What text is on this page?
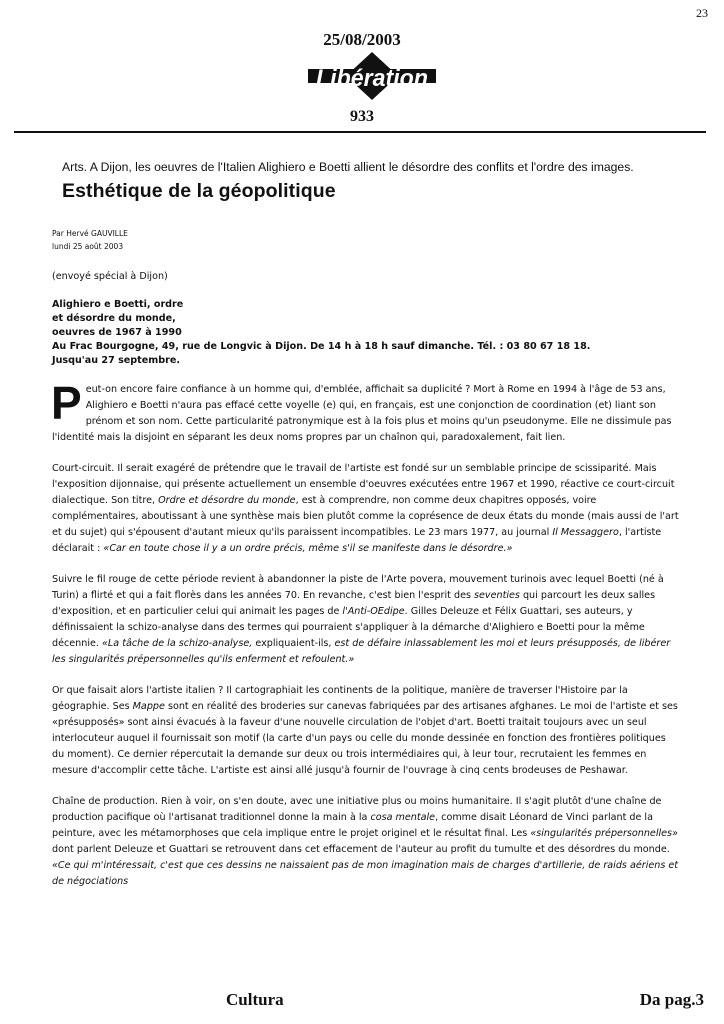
23
25/08/2003
Libération
933
Arts. A Dijon, les oeuvres de l'Italien Alighiero e Boetti allient le désordre des conflits et l'ordre des images.
Esthétique de la géopolitique
Par Hervé GAUVILLE
lundi 25 août 2003
(envoyé spécial à Dijon)
Alighiero e Boetti, ordre
et désordre du monde,
oeuvres de 1967 à 1990
Au Frac Bourgogne, 49, rue de Longvic à Dijon. De 14 h à 18 h sauf dimanche. Tél. : 03 80 67 18 18.
Jusqu'au 27 septembre.
Peut-on encore faire confiance à un homme qui, d'emblée, affichait sa duplicité ? Mort à Rome en 1994 à l'âge de 53 ans, Alighiero e Boetti n'aura pas effacé cette voyelle (e) qui, en français, est une conjonction de coordination (et) liant son prénom et son nom. Cette particularité patronymique est à la fois plus et moins qu'un pseudonyme. Elle ne dissimule pas l'identité mais la disjoint en séparant les deux noms propres par un chaînon qui, paradoxalement, fait lien.
Court-circuit. Il serait exagéré de prétendre que le travail de l'artiste est fondé sur un semblable principe de scissiparité. Mais l'exposition dijonnaise, qui présente actuellement un ensemble d'oeuvres exécutées entre 1967 et 1990, réactive ce court-circuit dialectique. Son titre, Ordre et désordre du monde, est à comprendre, non comme deux chapitres opposés, voire complémentaires, aboutissant à une synthèse mais bien plutôt comme la coprésence de deux états du monde (mais aussi de l'art et du sujet) qui s'épousent d'autant mieux qu'ils paraissent incompatibles. Le 23 mars 1977, au journal Il Messaggero, l'artiste déclarait : «Car en toute chose il y a un ordre précis, même s'il se manifeste dans le désordre.»
Suivre le fil rouge de cette période revient à abandonner la piste de l'Arte povera, mouvement turinois avec lequel Boetti (né à Turin) a flirté et qui a fait florès dans les années 70. En revanche, c'est bien l'esprit des seventies qui parcourt les deux salles d'exposition, et en particulier celui qui animait les pages de l'Anti-OEdipe. Gilles Deleuze et Félix Guattari, ses auteurs, y définissaient la schizo-analyse dans des termes qui pourraient s'appliquer à la démarche d'Alighiero e Boetti pour la même décennie. «La tâche de la schizo-analyse, expliquaient-ils, est de défaire inlassablement les moi et leurs présupposés, de libérer les singularités prépersonnelles qu'ils enferment et refoulent.»
Or que faisait alors l'artiste italien ? Il cartographiait les continents de la politique, manière de traverser l'Histoire par la géographie. Ses Mappe sont en réalité des broderies sur canevas fabriquées par des artisanes afghanes. Le moi de l'artiste et ses «présupposés» sont ainsi évacués à la faveur d'une nouvelle circulation de l'objet d'art. Boetti traitait toujours avec un seul interlocuteur auquel il fournissait son motif (la carte d'un pays ou celle du monde dessinée en fonction des frontières politiques du moment). Ce dernier répercutait la demande sur deux ou trois intermédiaires qui, à leur tour, recrutaient les femmes en mesure d'accomplir cette tâche. L'artiste est ainsi allé jusqu'à fournir de l'ouvrage à cinq cents brodeuses de Peshawar.
Chaîne de production. Rien à voir, on s'en doute, avec une initiative plus ou moins humanitaire. Il s'agit plutôt d'une chaîne de production pacifique où l'artisanat traditionnel donne la main à la cosa mentale, comme disait Léonard de Vinci parlant de la peinture, avec les métamorphoses que cela implique entre le projet originel et le résultat final. Les «singularités prépersonnelles» dont parlent Deleuze et Guattari se retrouvent dans cet effacement de l'auteur au profit du tumulte et des désordres du monde. «Ce qui m'intéressait, c'est que ces dessins ne naissaient pas de mon imagination mais de charges d'artillerie, de raids aériens et de négociations
Cultura	Da pag.3
